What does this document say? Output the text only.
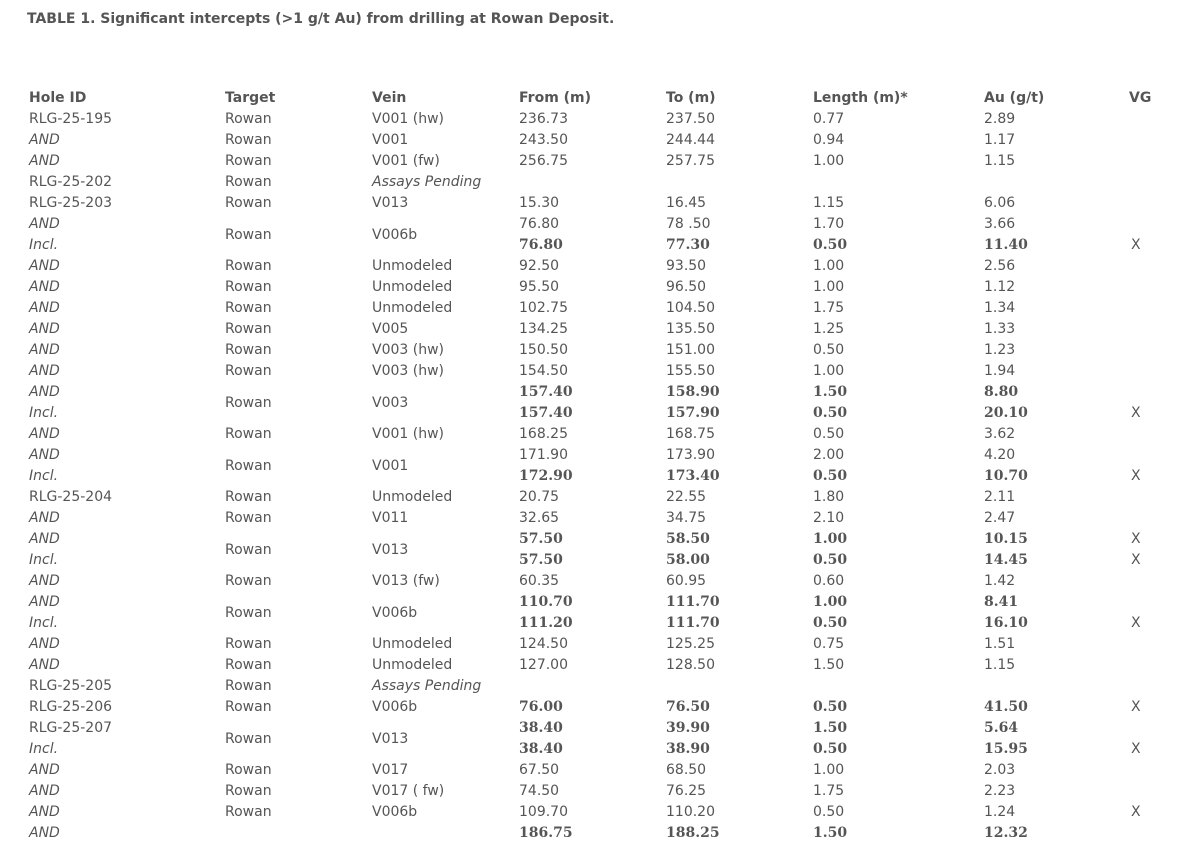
TABLE 1. Significant intercepts (>1 g/t Au) from drilling at Rowan Deposit.
Hole ID	Target	Vein	From (m)	To (m)	Length (m)*	Au (g/t)	VG
RLG-25-195	Rowan	V001 (hw)	236.73	237.50	0.77	2.89	
AND	Rowan	V001	243.50	244.44	0.94	1.17	
AND	Rowan	V001 (fw)	256.75	257.75	1.00	1.15	
RLG-25-202	Rowan	Assays Pending					
RLG-25-203	Rowan	V013	15.30	16.45	1.15	6.06	
AND	Rowan	V006b	76.80	78 .50	1.70	3.66	
Incl.			76.80	77.30	0.50	11.40	X
AND	Rowan	Unmodeled	92.50	93.50	1.00	2.56	
AND	Rowan	Unmodeled	95.50	96.50	1.00	1.12	
AND	Rowan	Unmodeled	102.75	104.50	1.75	1.34	
AND	Rowan	V005	134.25	135.50	1.25	1.33	
AND	Rowan	V003 (hw)	150.50	151.00	0.50	1.23	
AND	Rowan	V003 (hw)	154.50	155.50	1.00	1.94	
AND	Rowan	V003	157.40	158.90	1.50	8.80	
Incl.			157.40	157.90	0.50	20.10	X
AND	Rowan	V001 (hw)	168.25	168.75	0.50	3.62	
AND	Rowan	V001	171.90	173.90	2.00	4.20	
Incl.			172.90	173.40	0.50	10.70	X
RLG-25-204	Rowan	Unmodeled	20.75	22.55	1.80	2.11	
AND	Rowan	V011	32.65	34.75	2.10	2.47	
AND	Rowan	V013	57.50	58.50	1.00	10.15	X
Incl.			57.50	58.00	0.50	14.45	X
AND	Rowan	V013 (fw)	60.35	60.95	0.60	1.42	
AND	Rowan	V006b	110.70	111.70	1.00	8.41	
Incl.			111.20	111.70	0.50	16.10	X
AND	Rowan	Unmodeled	124.50	125.25	0.75	1.51	
AND	Rowan	Unmodeled	127.00	128.50	1.50	1.15	
RLG-25-205	Rowan	Assays Pending					
RLG-25-206	Rowan	V006b	76.00	76.50	0.50	41.50	X
RLG-25-207	Rowan	V013	38.40	39.90	1.50	5.64	
Incl.			38.40	38.90	0.50	15.95	X
AND	Rowan	V017	67.50	68.50	1.00	2.03	
AND	Rowan	V017 ( fw)	74.50	76.25	1.75	2.23	
AND	Rowan	V006b	109.70	110.20	0.50	1.24	X
AND			186.75	188.25	1.50	12.32	
